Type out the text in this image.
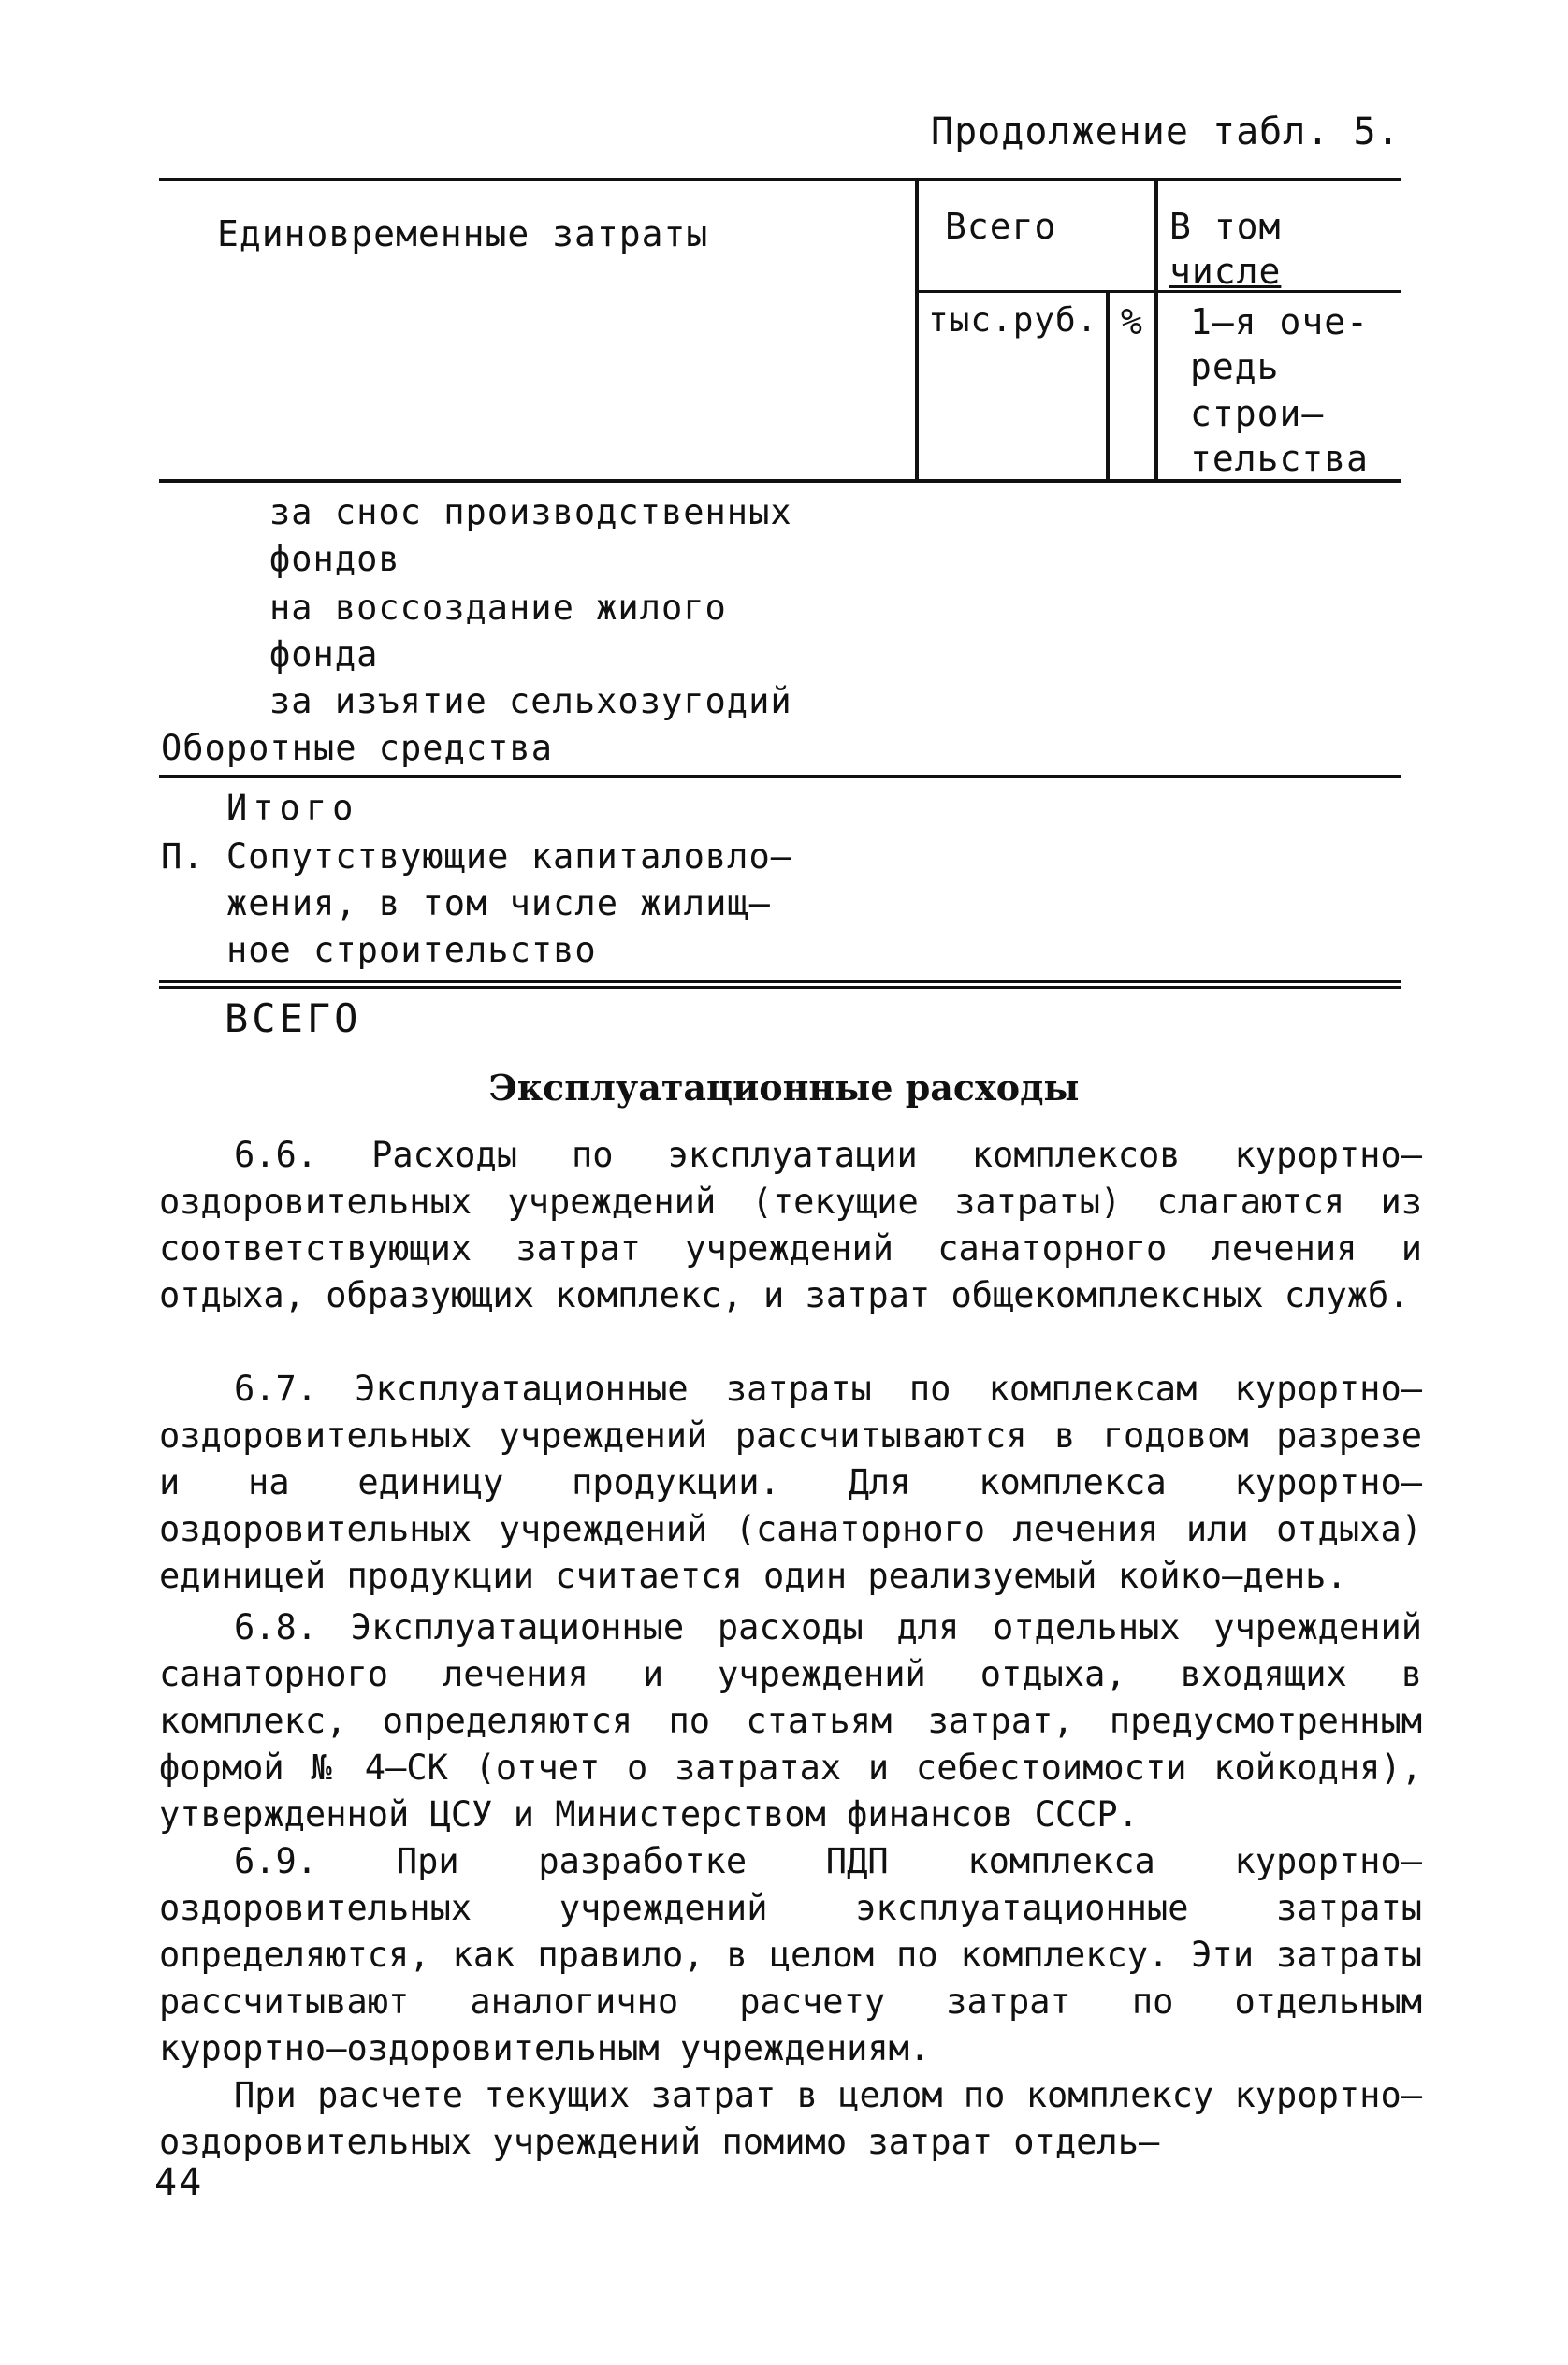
Продолжение табл. 5.
Единовременные затраты	Всего	В том
числе
тыс.руб. % 1–я оче-
редь
строи–
тельства
за снос производственных
фондов
на воссоздание жилого
фонда
за изъятие сельхозугодий
Оборотные средства
Итого
П. Сопутствующие капиталовло–
жения, в том числе жилищ–
ное строительство
ВСЕГО
Эксплуатационные расходы
6.6. Расходы по эксплуатации комплексов курортно–оздоровительных учреждений (текущие затраты) слагаются из соответствующих затрат учреждений санаторного лечения и отдыха, образующих комплекс, и затрат общекомплексных служб.
6.7. Эксплуатационные затраты по комплексам курортно–оздоровительных учреждений рассчитываются в годовом разрезе и на единицу продукции. Для комплекса курортно–оздоровительных учреждений (санаторного лечения или отдыха) единицей продукции считается один реализуемый койко–день.
6.8. Эксплуатационные расходы для отдельных учреждений санаторного лечения и учреждений отдыха, входящих в комплекс, определяются по статьям затрат, предусмотренным формой № 4–СК (отчет о затратах и себестоимости койкодня), утвержденной ЦСУ и Министерством финансов СССР.
6.9. При разработке ПДП комплекса курортно–оздоровительных учреждений эксплуатационные затраты определяются, как правило, в целом по комплексу. Эти затраты рассчитывают аналогично расчету затрат по отдельным курортно–оздоровительным учреждениям.
При расчете текущих затрат в целом по комплексу курортно–оздоровительных учреждений помимо затрат отдель–
44
